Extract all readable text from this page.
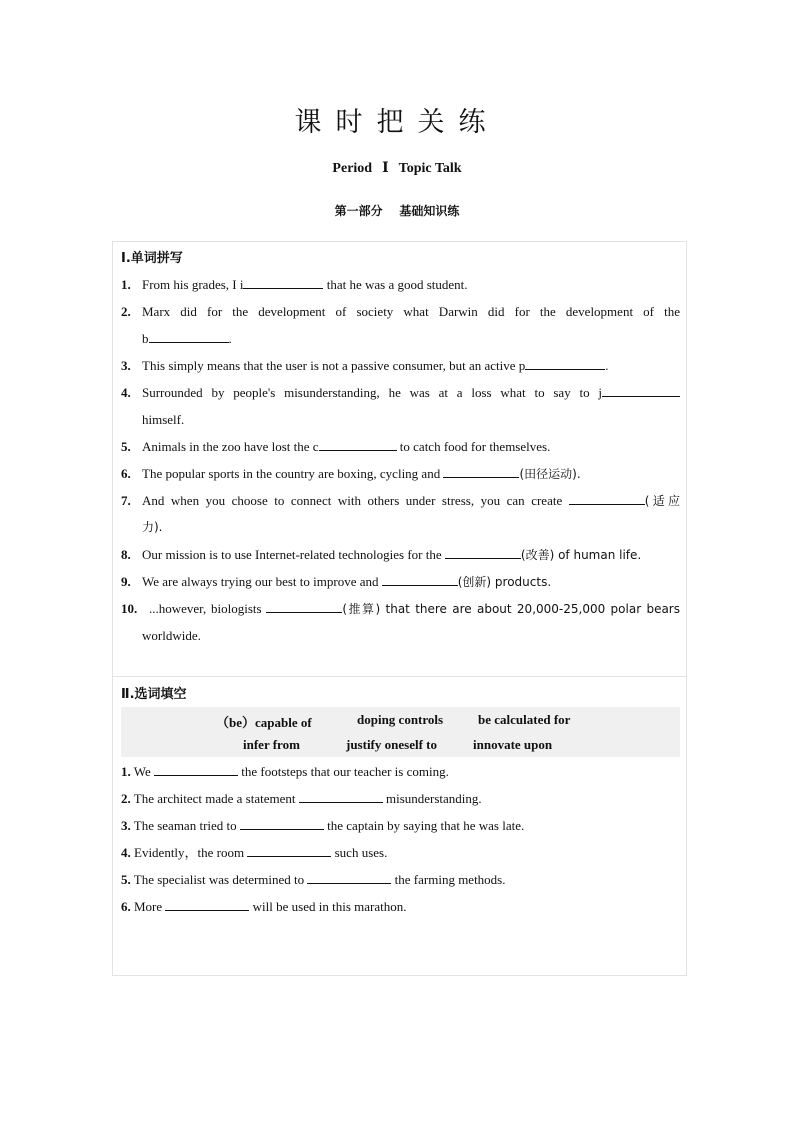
课时把关练
Period Ⅰ Topic Talk
第一部分    基础知识练
Ⅰ.单词拼写
1. From his grades, I i	that he was a good student.
2. Marx did for the development of society what Darwin did for the development of the
b	.
3. This simply means that the user is not a passive consumer, but an active p	.
4. Surrounded by people's misunderstanding, he was at a loss what to say to j
himself.
5. Animals in the zoo have lost the c	to catch food for themselves.
6. The popular sports in the country are boxing, cycling and	(田径运动).
7. And when you choose to connect with others under stress, you can create	(适应
力).
8. Our mission is to use Internet-related technologies for the	(改善) of human life.
9. We are always trying our best to improve and	(创新) products.
10. ...however, biologists	(推算) that there are about 20,000-25,000 polar bears
worldwide.
Ⅱ.选词填空
（be）capable of	doping controls	be calculated for
infer from	justify oneself to	innovate upon
1. We	the footsteps that our teacher is coming.
2. The architect made a statement	misunderstanding.
3. The seaman tried to	the captain by saying that he was late.
4. Evidently，the room	such uses.
5. The specialist was determined to	the farming methods.
6. More	will be used in this marathon.
